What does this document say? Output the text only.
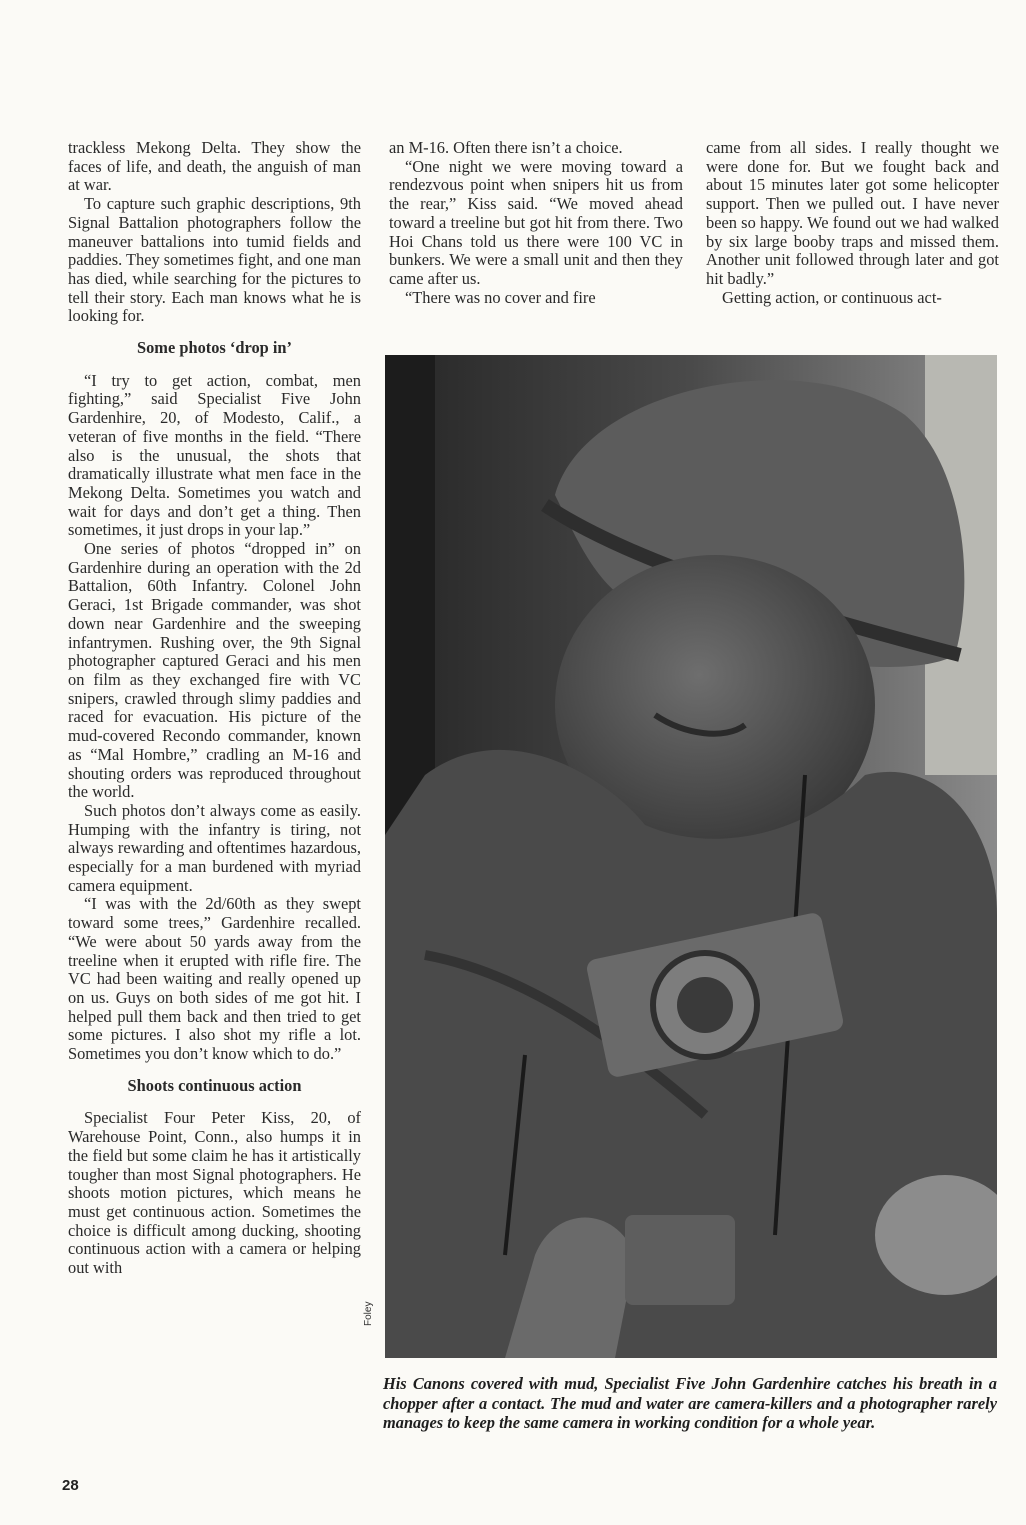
trackless Mekong Delta. They show the faces of life, and death, the anguish of man at war.

To capture such graphic descriptions, 9th Signal Battalion photographers follow the maneuver battalions into tumid fields and paddies. They sometimes fight, and one man has died, while searching for the pictures to tell their story. Each man knows what he is looking for.

Some photos ‘drop in’

“I try to get action, combat, men fighting,” said Specialist Five John Gardenhire, 20, of Modesto, Calif., a veteran of five months in the field. “There also is the unusual, the shots that dramatically illustrate what men face in the Mekong Delta. Sometimes you watch and wait for days and don’t get a thing. Then sometimes, it just drops in your lap.”

One series of photos “dropped in” on Gardenhire during an operation with the 2d Battalion, 60th Infantry. Colonel John Geraci, 1st Brigade commander, was shot down near Gardenhire and the sweeping infantrymen. Rushing over, the 9th Signal photographer captured Geraci and his men on film as they exchanged fire with VC snipers, crawled through slimy paddies and raced for evacuation. His picture of the mud-covered Recondo commander, known as “Mal Hombre,” cradling an M-16 and shouting orders was reproduced throughout the world.

Such photos don’t always come as easily. Humping with the infantry is tiring, not always rewarding and oftentimes hazardous, especially for a man burdened with myriad camera equipment.

“I was with the 2d/60th as they swept toward some trees,” Gardenhire recalled. “We were about 50 yards away from the treeline when it erupted with rifle fire. The VC had been waiting and really opened up on us. Guys on both sides of me got hit. I helped pull them back and then tried to get some pictures. I also shot my rifle a lot. Sometimes you don’t know which to do.”

Shoots continuous action

Specialist Four Peter Kiss, 20, of Warehouse Point, Conn., also humps it in the field but some claim he has it artistically tougher than most Signal photographers. He shoots motion pictures, which means he must get continuous action. Sometimes the choice is difficult among ducking, shooting continuous action with a camera or helping out with

an M-16. Often there isn’t a choice.

“One night we were moving toward a rendezvous point when snipers hit us from the rear,” Kiss said. “We moved ahead toward a treeline but got hit from there. Two Hoi Chans told us there were 100 VC in bunkers. We were a small unit and then they came after us.

“There was no cover and fire

came from all sides. I really thought we were done for. But we fought back and about 15 minutes later got some helicopter support. Then we pulled out. I have never been so happy. We found out we had walked by six large booby traps and missed them. Another unit followed through later and got hit badly.”

Getting action, or continuous act-

Foley
His Canons covered with mud, Specialist Five John Gardenhire catches his breath in a chopper after a contact. The mud and water are camera-killers and a photographer rarely manages to keep the same camera in working condition for a whole year.
28
